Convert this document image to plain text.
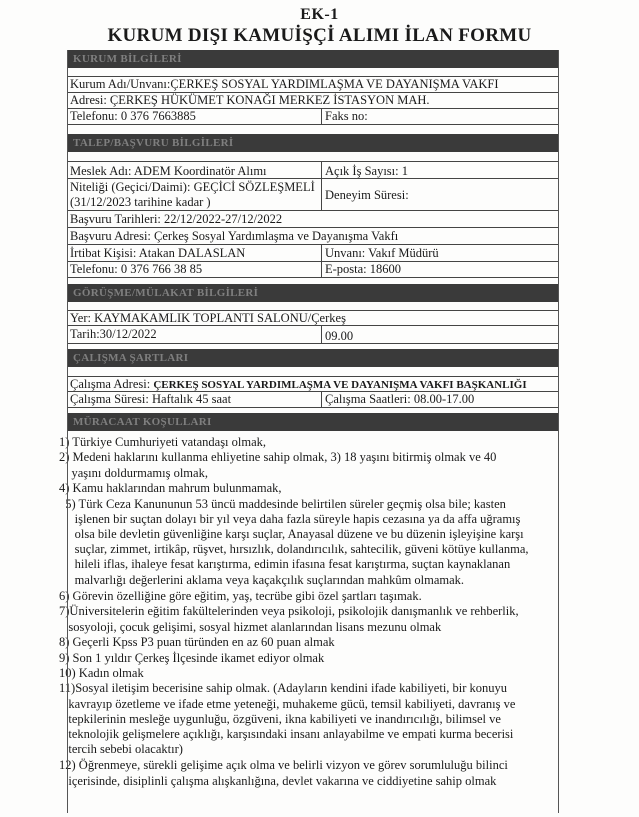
EK-1
KURUM DIŞI KAMUİŞÇİ ALIMI İLAN FORMU
KURUM BİLGİLERİ
Kurum Adı/Unvanı:ÇERKEŞ SOSYAL YARDIMLAŞMA VE DAYANIŞMA VAKFI
Adresi: ÇERKEŞ HÜKÜMET KONAĞI MERKEZ İSTASYON MAH.
Telefonu: 0 376 7663885	Faks no:
TALEP/BAŞVURU BİLGİLERİ
Meslek Adı: ADEM Koordinatör Alımı	Açık İş Sayısı: 1
Niteliği (Geçici/Daimi): GEÇİCİ SÖZLEŞMELİ
(31/12/2023 tarihine kadar )	Deneyim Süresi:
Başvuru Tarihleri: 22/12/2022-27/12/2022
Başvuru Adresi: Çerkeş Sosyal Yardımlaşma ve Dayanışma Vakfı
İrtibat Kişisi: Atakan DALASLAN	Unvanı: Vakıf Müdürü
Telefonu: 0 376 766 38 85	E-posta: 18600
GÖRÜŞME/MÜLAKAT BİLGİLERİ
Yer: KAYMAKAMLIK TOPLANTI SALONU/Çerkeş
Tarih:30/12/2022	09.00
ÇALIŞMA ŞARTLARI
Çalışma Adresi: ÇERKEŞ SOSYAL YARDIMLAŞMA VE DAYANIŞMA VAKFI BAŞKANLIĞI
Çalışma Süresi: Haftalık 45 saat	Çalışma Saatleri: 08.00-17.00
MÜRACAAT KOŞULLARI
1) Türkiye Cumhuriyeti vatandaşı olmak,
2) Medeni haklarını kullanma ehliyetine sahip olmak, 3) 18 yaşını bitirmiş olmak ve 40
yaşını doldurmamış olmak,
4) Kamu haklarından mahrum bulunmamak,
5) Türk Ceza Kanununun 53 üncü maddesinde belirtilen süreler geçmiş olsa bile; kasten
işlenen bir suçtan dolayı bir yıl veya daha fazla süreyle hapis cezasına ya da affa uğramış
olsa bile devletin güvenliğine karşı suçlar, Anayasal düzene ve bu düzenin işleyişine karşı
suçlar, zimmet, irtikâp, rüşvet, hırsızlık, dolandırıcılık, sahtecilik, güveni kötüye kullanma,
hileli iflas, ihaleye fesat karıştırma, edimin ifasına fesat karıştırma, suçtan kaynaklanan
malvarlığı değerlerini aklama veya kaçakçılık suçlarından mahkûm olmamak.
6) Görevin özelliğine göre eğitim, yaş, tecrübe gibi özel şartları taşımak.
7)Üniversitelerin eğitim fakültelerinden veya psikoloji, psikolojik danışmanlık ve rehberlik,
sosyoloji, çocuk gelişimi, sosyal hizmet alanlarından lisans mezunu olmak
8) Geçerli Kpss P3 puan türünden en az 60 puan almak
9) Son 1 yıldır Çerkeş İlçesinde ikamet ediyor olmak
10) Kadın olmak
11)Sosyal iletişim becerisine sahip olmak. (Adayların kendini ifade kabiliyeti, bir konuyu
kavrayıp özetleme ve ifade etme yeteneği, muhakeme gücü, temsil kabiliyeti, davranış ve
tepkilerinin mesleğe uygunluğu, özgüveni, ikna kabiliyeti ve inandırıcılığı, bilimsel ve
teknolojik gelişmelere açıklığı, karşısındaki insanı anlayabilme ve empati kurma becerisi
tercih sebebi olacaktır)
12) Öğrenmeye, sürekli gelişime açık olma ve belirli vizyon ve görev sorumluluğu bilinci
içerisinde, disiplinli çalışma alışkanlığına, devlet vakarına ve ciddiyetine sahip olmak
